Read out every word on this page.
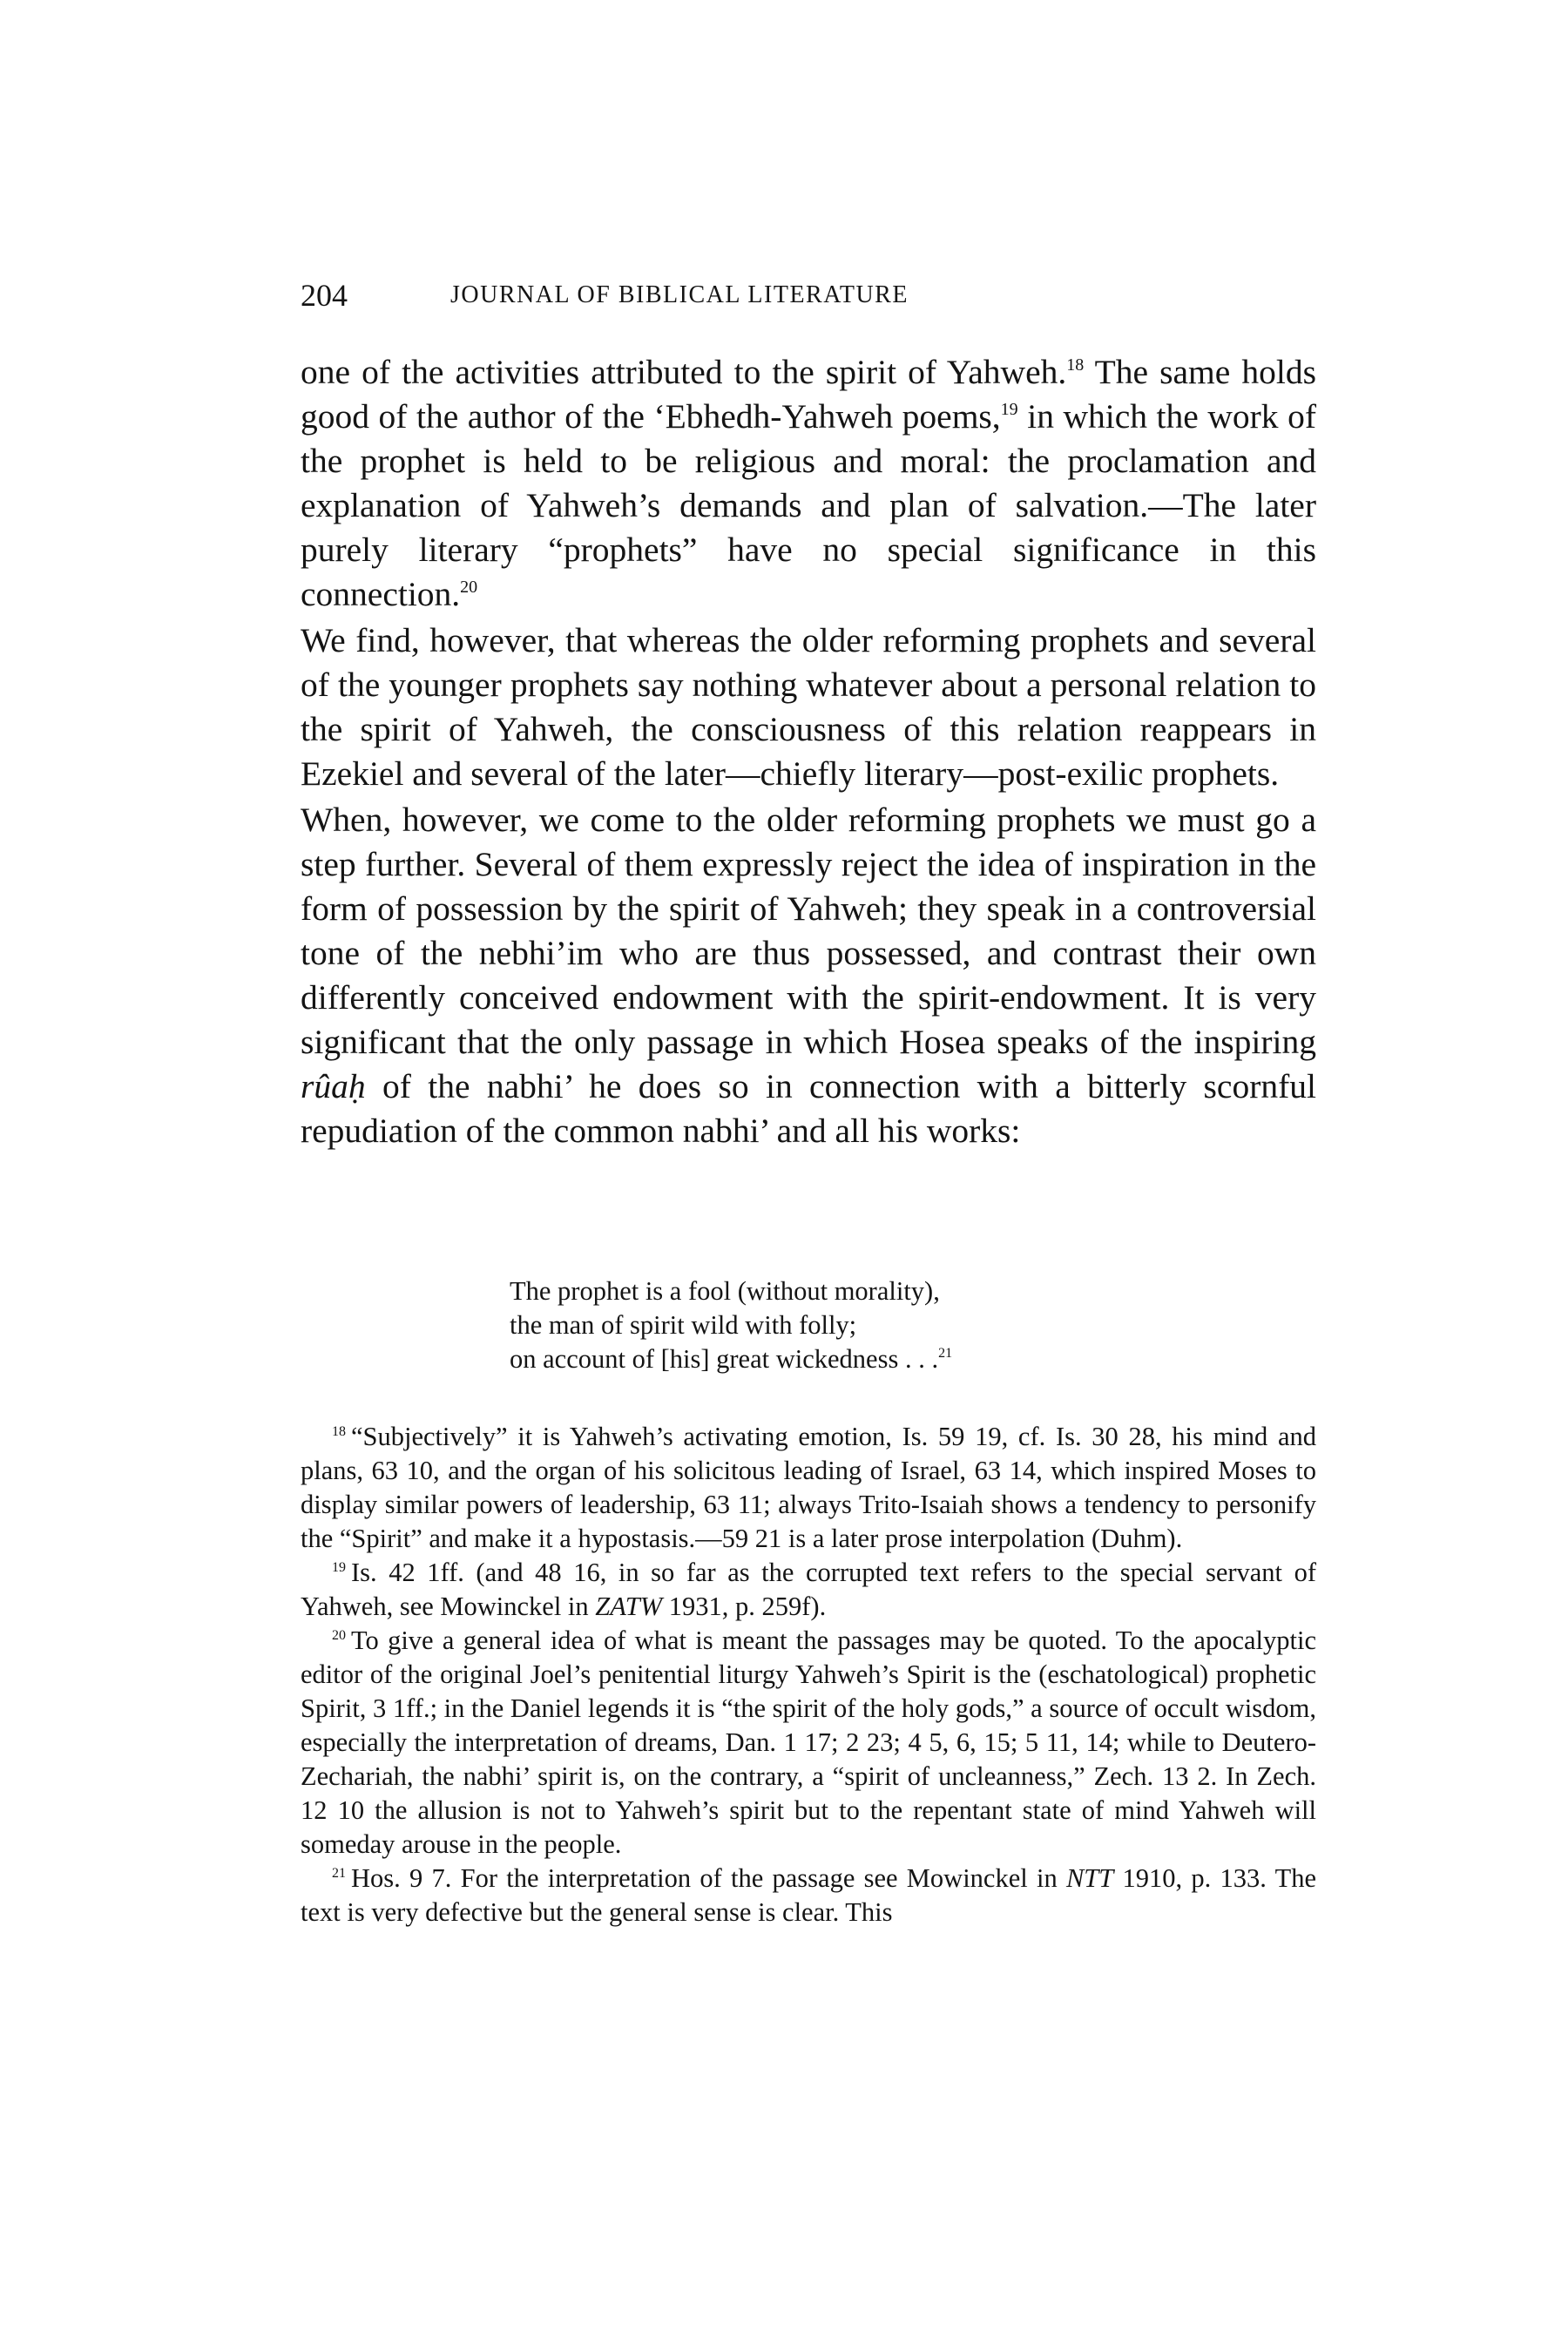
204	JOURNAL OF BIBLICAL LITERATURE

one of the activities attributed to the spirit of Yahweh.$^{18}$ The same holds good of the author of the ‘Ebhedh-Yahweh poems,$^{19}$ in which the work of the prophet is held to be religious and moral: the proclamation and explanation of Yahweh’s demands and plan of salvation.—The later purely literary “prophets” have no special significance in this connection.$^{20}$

We find, however, that whereas the older reforming prophets and several of the younger prophets say nothing whatever about a personal relation to the spirit of Yahweh, the consciousness of this relation reappears in Ezekiel and several of the later—chiefly literary—post-exilic prophets.

When, however, we come to the older reforming prophets we must go a step further. Several of them expressly reject the idea of inspiration in the form of possession by the spirit of Yahweh; they speak in a controversial tone of the nebhi’im who are thus possessed, and contrast their own differently conceived endowment with the spirit-endowment. It is very significant that the only passage in which Hosea speaks of the inspiring rûaḥ of the nabhi’ he does so in connection with a bitterly scornful repudiation of the common nabhi’ and all his works:

The prophet is a fool (without morality),
the man of spirit wild with folly;
on account of [his] great wickedness . . .$^{21}$

$^{18}$ “Subjectively” it is Yahweh’s activating emotion, Is. 59 19, cf. Is. 30 28, his mind and plans, 63 10, and the organ of his solicitous leading of Israel, 63 14, which inspired Moses to display similar powers of leadership, 63 11; always Trito-Isaiah shows a tendency to personify the “Spirit” and make it a hypostasis.—59 21 is a later prose interpolation (Duhm).

$^{19}$ Is. 42 1ff. (and 48 16, in so far as the corrupted text refers to the special servant of Yahweh, see Mowinckel in ZATW 1931, p. 259f).

$^{20}$ To give a general idea of what is meant the passages may be quoted. To the apocalyptic editor of the original Joel’s penitential liturgy Yahweh’s Spirit is the (eschatological) prophetic Spirit, 3 1ff.; in the Daniel legends it is “the spirit of the holy gods,” a source of occult wisdom, especially the interpretation of dreams, Dan. 1 17; 2 23; 4 5, 6, 15; 5 11, 14; while to Deutero-Zechariah, the nabhi’ spirit is, on the contrary, a “spirit of uncleanness,” Zech. 13 2. In Zech. 12 10 the allusion is not to Yahweh’s spirit but to the repentant state of mind Yahweh will someday arouse in the people.

$^{21}$ Hos. 9 7. For the interpretation of the passage see Mowinckel in NTT 1910, p. 133. The text is very defective but the general sense is clear. This
